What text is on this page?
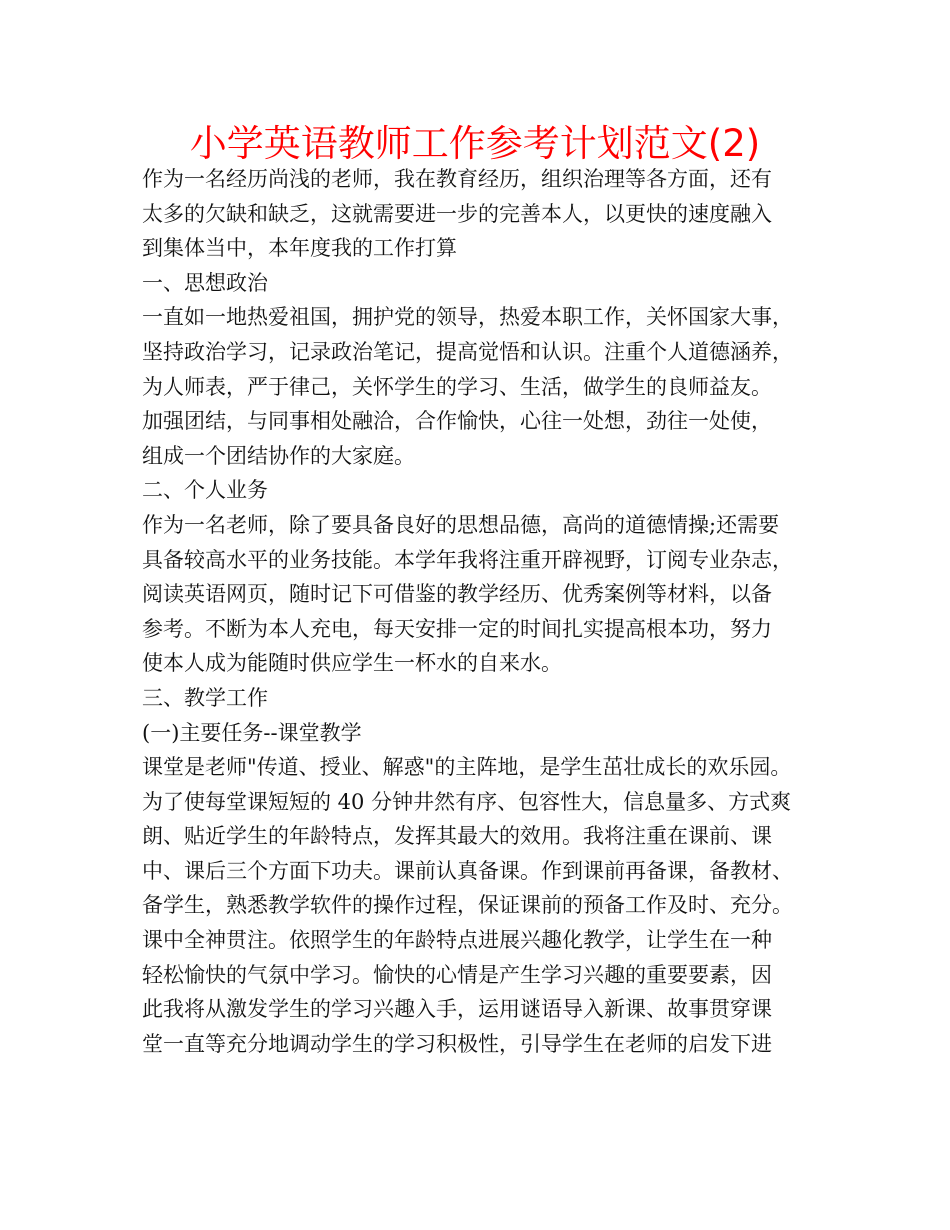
小学英语教师工作参考计划范文(2)
作为一名经历尚浅的老师，我在教育经历，组织治理等各方面，还有
太多的欠缺和缺乏，这就需要进一步的完善本人，以更快的速度融入
到集体当中，本年度我的工作打算
一、思想政治
一直如一地热爱祖国，拥护党的领导，热爱本职工作，关怀国家大事，
坚持政治学习，记录政治笔记，提高觉悟和认识。注重个人道德涵养，
为人师表，严于律己，关怀学生的学习、生活，做学生的良师益友。
加强团结，与同事相处融洽，合作愉快，心往一处想，劲往一处使，
组成一个团结协作的大家庭。
二、个人业务
作为一名老师，除了要具备良好的思想品德，高尚的道德情操;还需要
具备较高水平的业务技能。本学年我将注重开辟视野，订阅专业杂志，
阅读英语网页，随时记下可借鉴的教学经历、优秀案例等材料，以备
参考。不断为本人充电，每天安排一定的时间扎实提高根本功，努力
使本人成为能随时供应学生一杯水的自来水。
三、教学工作
(一)主要任务--课堂教学
课堂是老师"传道、授业、解惑"的主阵地，是学生茁壮成长的欢乐园。
为了使每堂课短短的 40 分钟井然有序、包容性大，信息量多、方式爽
朗、贴近学生的年龄特点，发挥其最大的效用。我将注重在课前、课
中、课后三个方面下功夫。课前认真备课。作到课前再备课，备教材、
备学生，熟悉教学软件的操作过程，保证课前的预备工作及时、充分。
课中全神贯注。依照学生的年龄特点进展兴趣化教学，让学生在一种
轻松愉快的气氛中学习。愉快的心情是产生学习兴趣的重要要素，因
此我将从激发学生的学习兴趣入手，运用谜语导入新课、故事贯穿课
堂一直等充分地调动学生的学习积极性，引导学生在老师的启发下进
